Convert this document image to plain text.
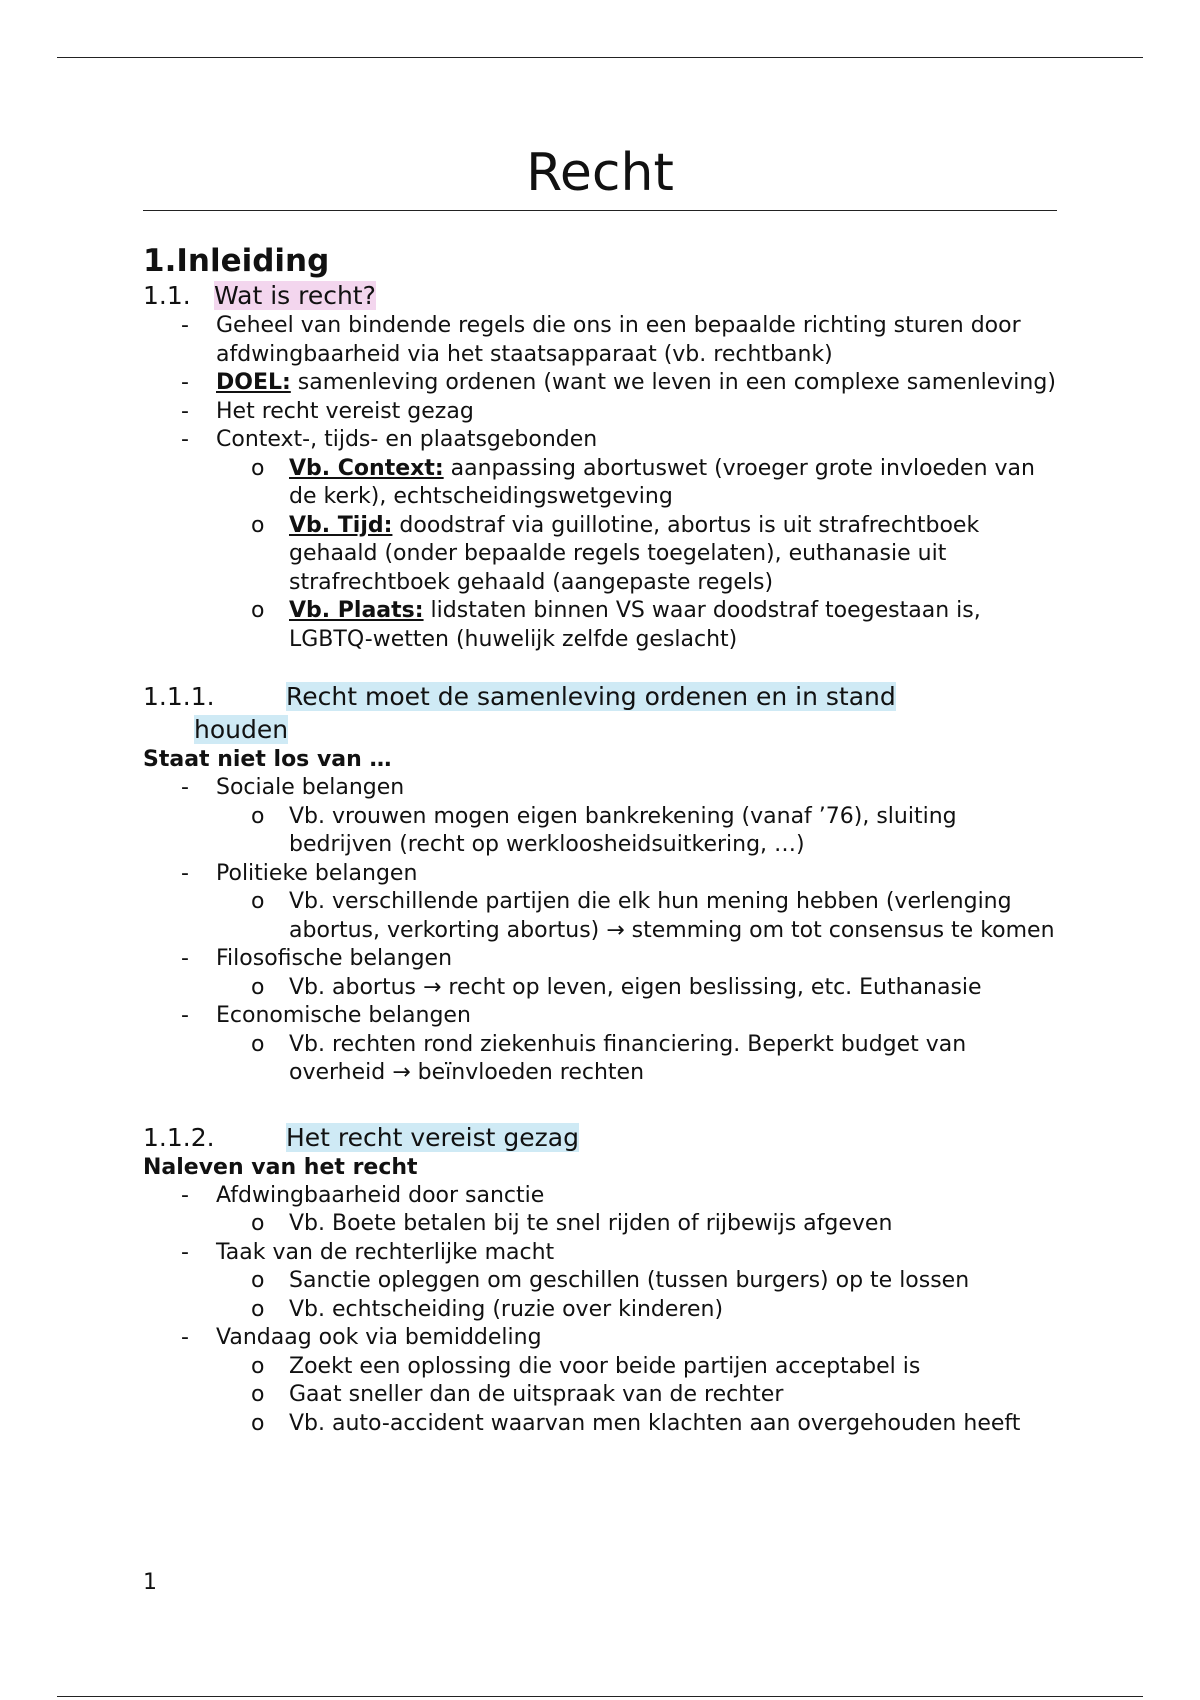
Recht
1.Inleiding
1.1. Wat is recht?
- Geheel van bindende regels die ons in een bepaalde richting sturen door afdwingbaarheid via het staatsapparaat (vb. rechtbank)
- DOEL: samenleving ordenen (want we leven in een complexe samenleving)
- Het recht vereist gezag
- Context-, tijds- en plaatsgebonden
o Vb. Context: aanpassing abortuswet (vroeger grote invloeden van de kerk), echtscheidingswetgeving
o Vb. Tijd: doodstraf via guillotine, abortus is uit strafrechtboek gehaald (onder bepaalde regels toegelaten), euthanasie uit strafrechtboek gehaald (aangepaste regels)
o Vb. Plaats: lidstaten binnen VS waar doodstraf toegestaan is, LGBTQ-wetten (huwelijk zelfde geslacht)
1.1.1.	Recht moet de samenleving ordenen en in stand
houden
Staat niet los van …
- Sociale belangen
o Vb. vrouwen mogen eigen bankrekening (vanaf ’76), sluiting bedrijven (recht op werkloosheidsuitkering, …)
- Politieke belangen
o Vb. verschillende partijen die elk hun mening hebben (verlenging abortus, verkorting abortus) → stemming om tot consensus te komen
- Filosofische belangen
o Vb. abortus → recht op leven, eigen beslissing, etc. Euthanasie
- Economische belangen
o Vb. rechten rond ziekenhuis financiering. Beperkt budget van overheid → beïnvloeden rechten
1.1.2.	Het recht vereist gezag
Naleven van het recht
- Afdwingbaarheid door sanctie
o Vb. Boete betalen bij te snel rijden of rijbewijs afgeven
- Taak van de rechterlijke macht
o Sanctie opleggen om geschillen (tussen burgers) op te lossen
o Vb. echtscheiding (ruzie over kinderen)
- Vandaag ook via bemiddeling
o Zoekt een oplossing die voor beide partijen acceptabel is
o Gaat sneller dan de uitspraak van de rechter
o Vb. auto-accident waarvan men klachten aan overgehouden heeft
1
